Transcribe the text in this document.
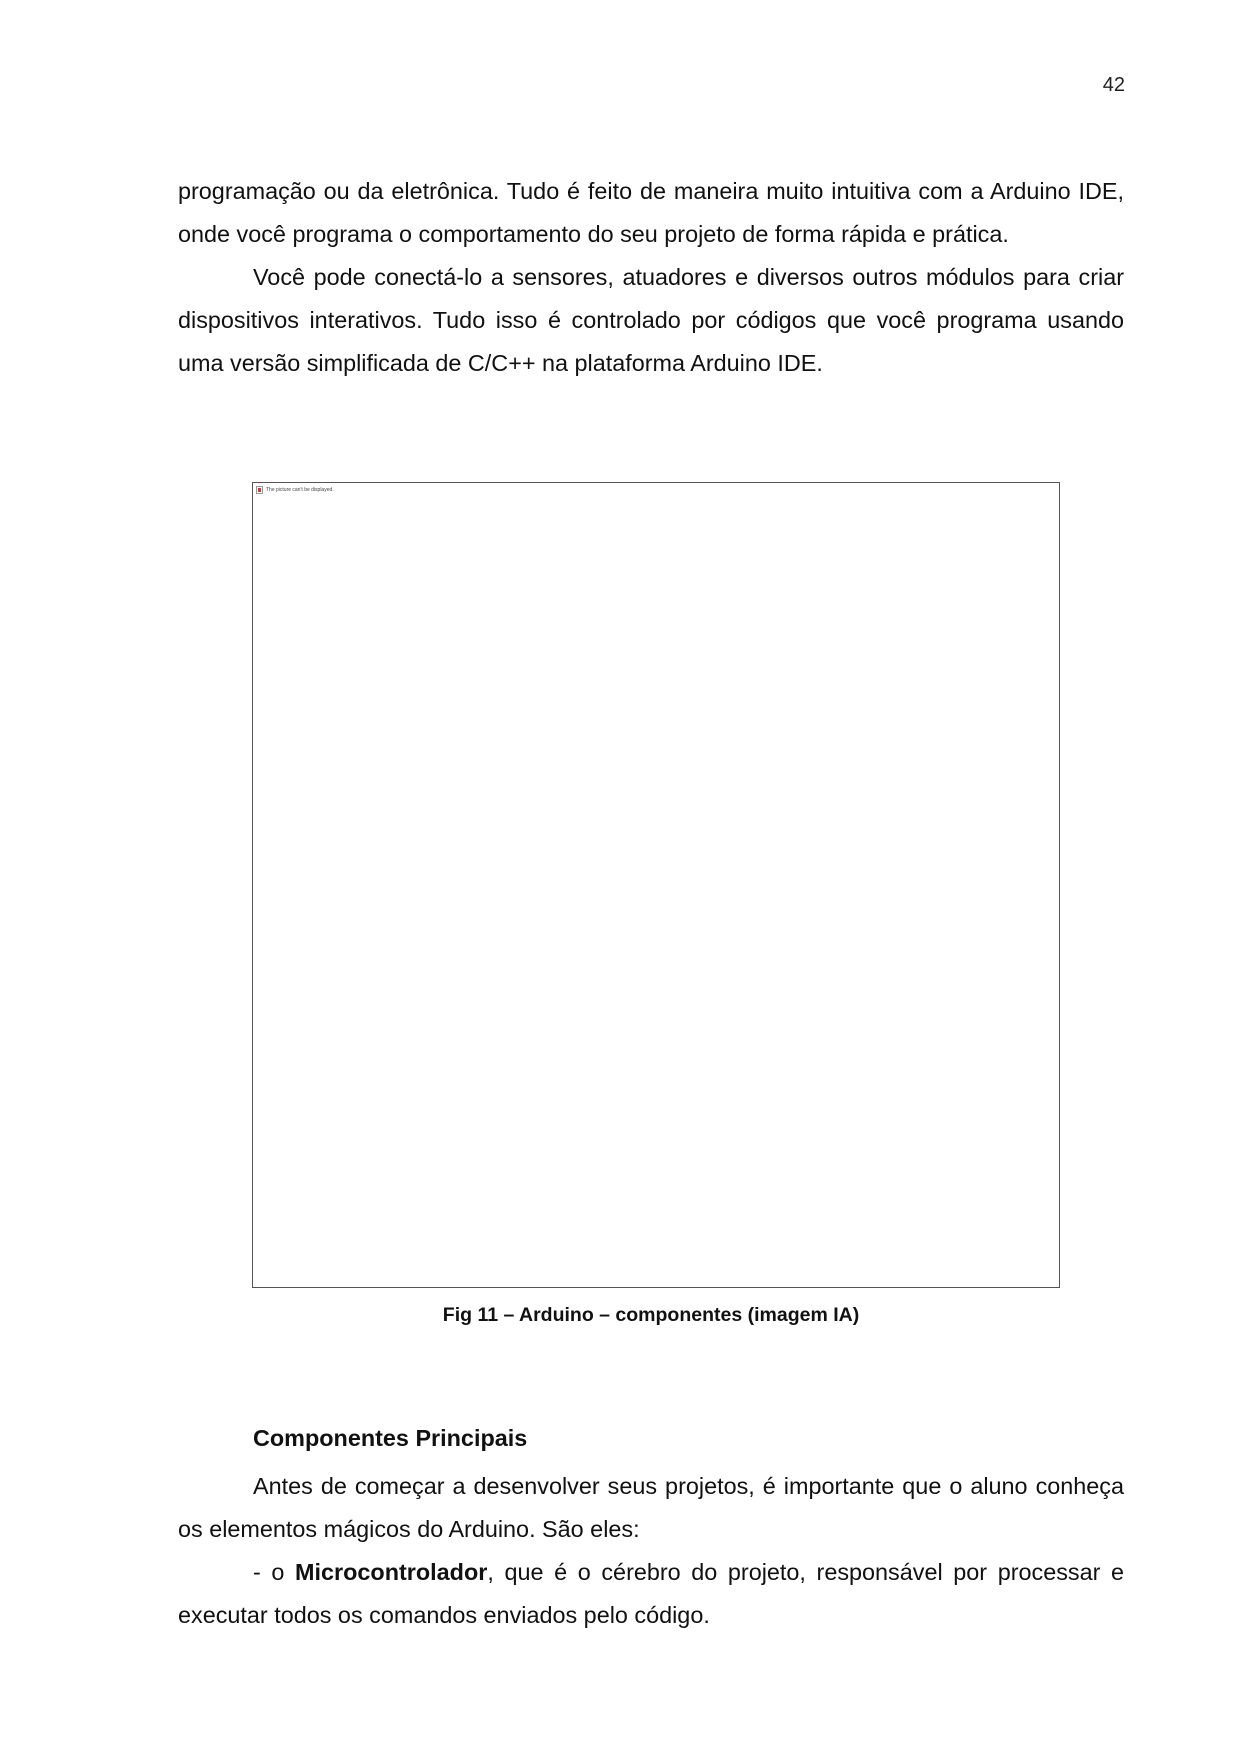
42

programação ou da eletrônica. Tudo é feito de maneira muito intuitiva com a Arduino IDE, onde você programa o comportamento do seu projeto de forma rápida e prática.

Você pode conectá-lo a sensores, atuadores e diversos outros módulos para criar dispositivos interativos. Tudo isso é controlado por códigos que você programa usando uma versão simplificada de C/C++ na plataforma Arduino IDE.

The picture can't be displayed.
Fig 11 – Arduino – componentes (imagem IA)
Componentes Principais

Antes de começar a desenvolver seus projetos, é importante que o aluno conheça os elementos mágicos do Arduino. São eles:

- o Microcontrolador, que é o cérebro do projeto, responsável por processar e executar todos os comandos enviados pelo código.
